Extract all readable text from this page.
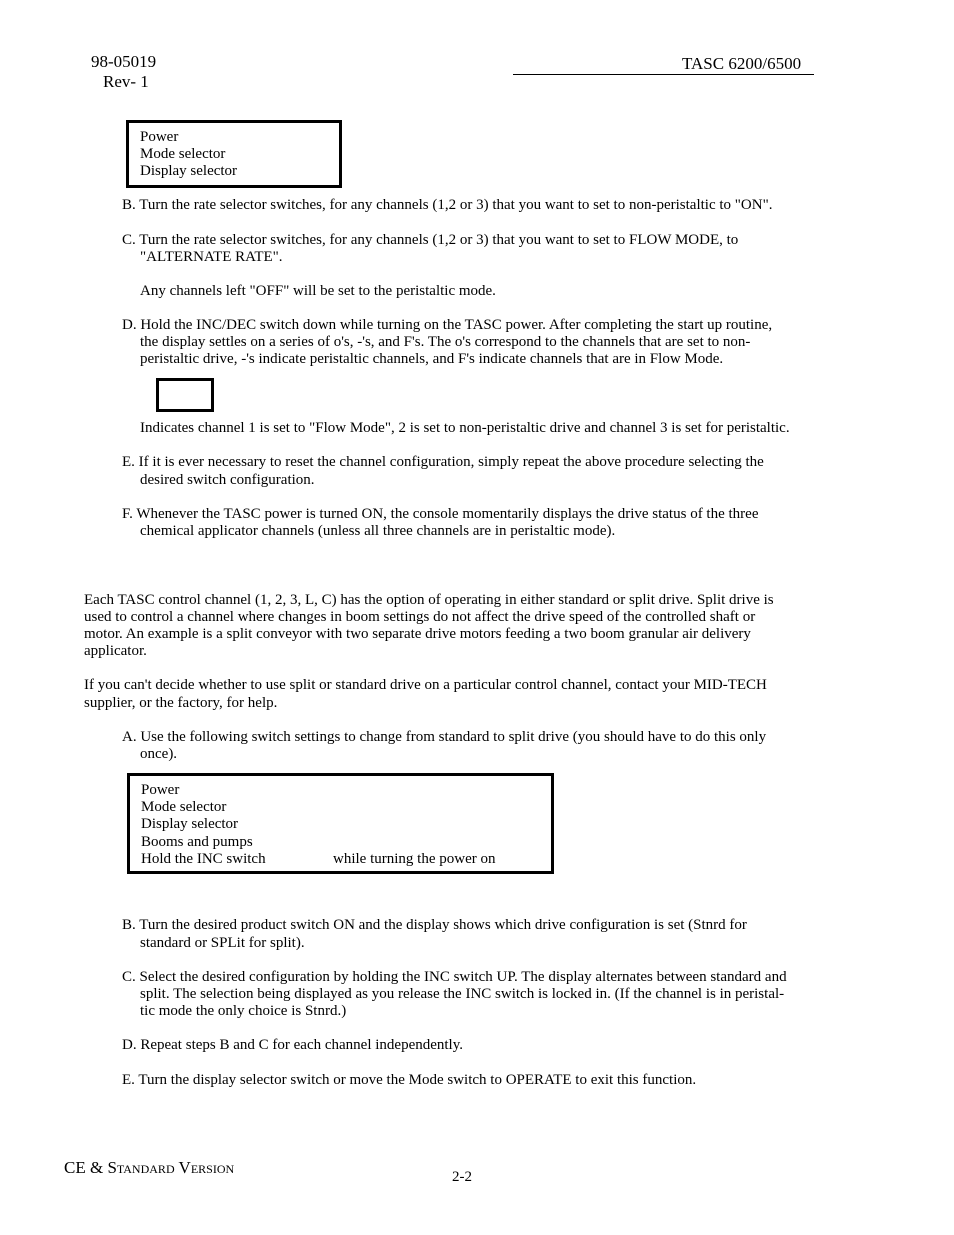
98-05019
Rev- 1
TASC 6200/6500
Power
Mode selector
Display selector
B. Turn the rate selector switches, for any channels (1,2 or 3) that you want to set to non-peristaltic to "ON".
C. Turn the rate selector switches, for any channels (1,2 or 3) that you want to set to FLOW MODE, to
"ALTERNATE RATE".
Any channels left "OFF" will be set to the peristaltic mode.
D. Hold the INC/DEC switch down while turning on the TASC power. After completing the start up routine,
the display settles on a series of o's, -'s, and F's. The o's correspond to the channels that are set to non-
peristaltic drive, -'s indicate peristaltic channels, and F's indicate channels that are in Flow Mode.
Indicates channel 1 is set to "Flow Mode", 2 is set to non-peristaltic drive and channel 3 is set for peristaltic.
E. If it is ever necessary to reset the channel configuration, simply repeat the above procedure selecting the
desired switch configuration.
F. Whenever the TASC power is turned ON, the console momentarily displays the drive status of the three
chemical applicator channels (unless all three channels are in peristaltic mode).
Each TASC control channel (1, 2, 3, L, C) has the option of operating in either standard or split drive. Split drive is
used to control a channel where changes in boom settings do not affect the drive speed of the controlled shaft or
motor. An example is a split conveyor with two separate drive motors feeding a two boom granular air delivery
applicator.
If you can't decide whether to use split or standard drive on a particular control channel, contact your MID-TECH
supplier, or the factory, for help.
A. Use the following switch settings to change from standard to split drive (you should have to do this only
once).
Power
Mode selector
Display selector
Booms and pumps
Hold the INC switch	while turning the power on
B. Turn the desired product switch ON and the display shows which drive configuration is set (Stnrd for
standard or SPLit for split).
C. Select the desired configuration by holding the INC switch UP. The display alternates between standard and
split. The selection being displayed as you release the INC switch is locked in. (If the channel is in peristal-
tic mode the only choice is Stnrd.)
D. Repeat steps B and C for each channel independently.
E. Turn the display selector switch or move the Mode switch to OPERATE to exit this function.
CE & Standard Version	2-2
